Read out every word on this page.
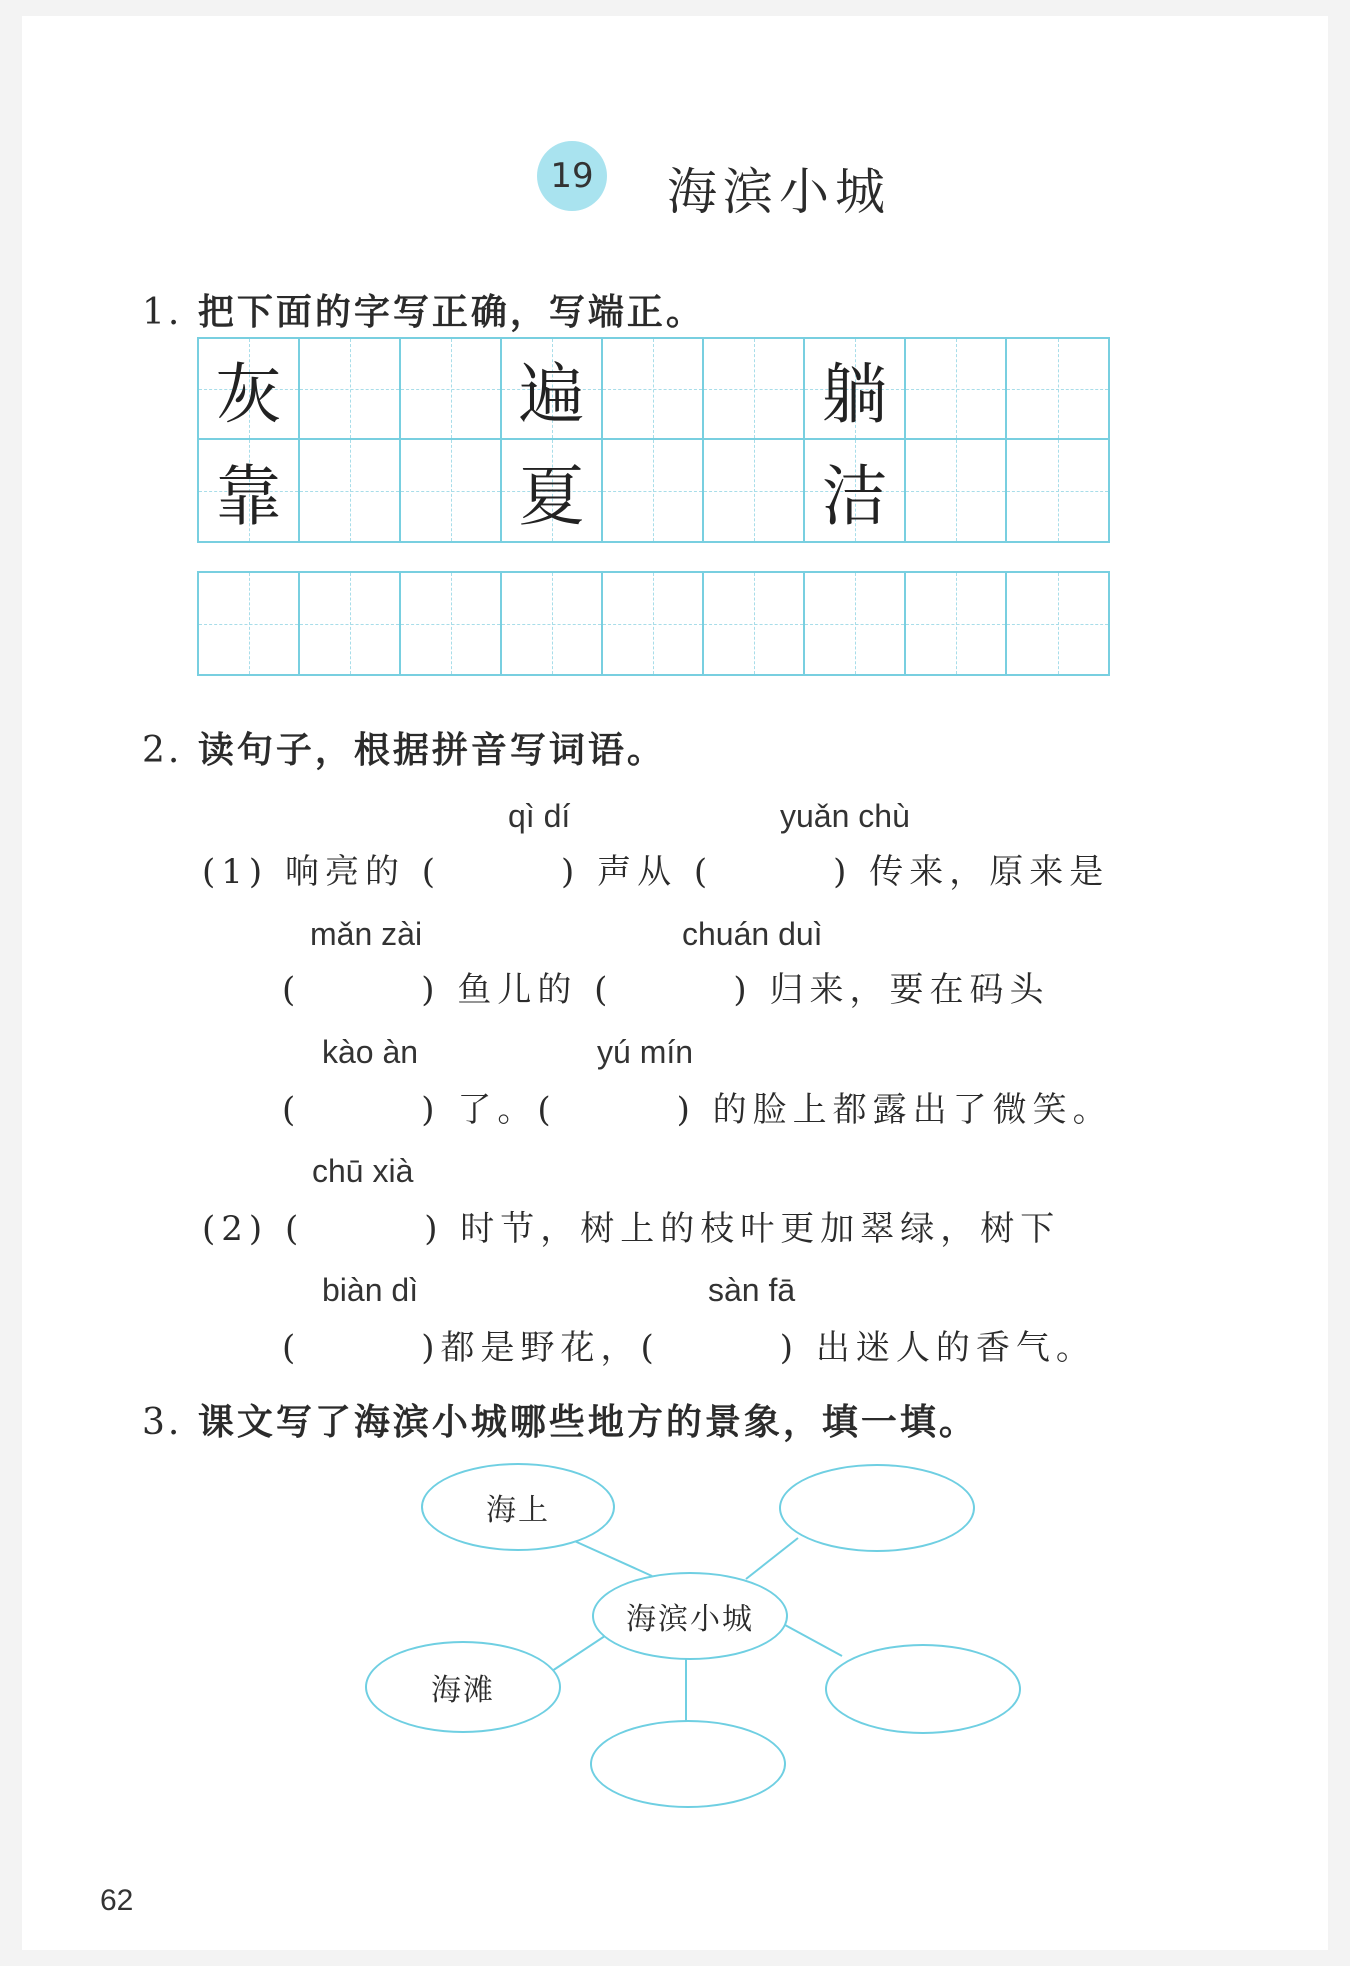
19 海滨小城
1. 把下面的字写正确，写端正。
灰	遍	躺
靠	夏	洁
2. 读句子，根据拼音写词语。
qì dí	yuǎn chù
(1) 响亮的 (　　　) 声从 (　　　) 传来，原来是
mǎn zài	chuán duì
(　　　) 鱼儿的 (　　　) 归来，要在码头
kào àn	yú mín
(　　　) 了。(　　　) 的脸上都露出了微笑。
chū xià
(2) (　　　) 时节，树上的枝叶更加翠绿，树下
biàn dì	sàn fā
(　　　)都是野花，(　　　) 出迷人的香气。
3. 课文写了海滨小城哪些地方的景象，填一填。
海上
海滨小城
海滩
62
